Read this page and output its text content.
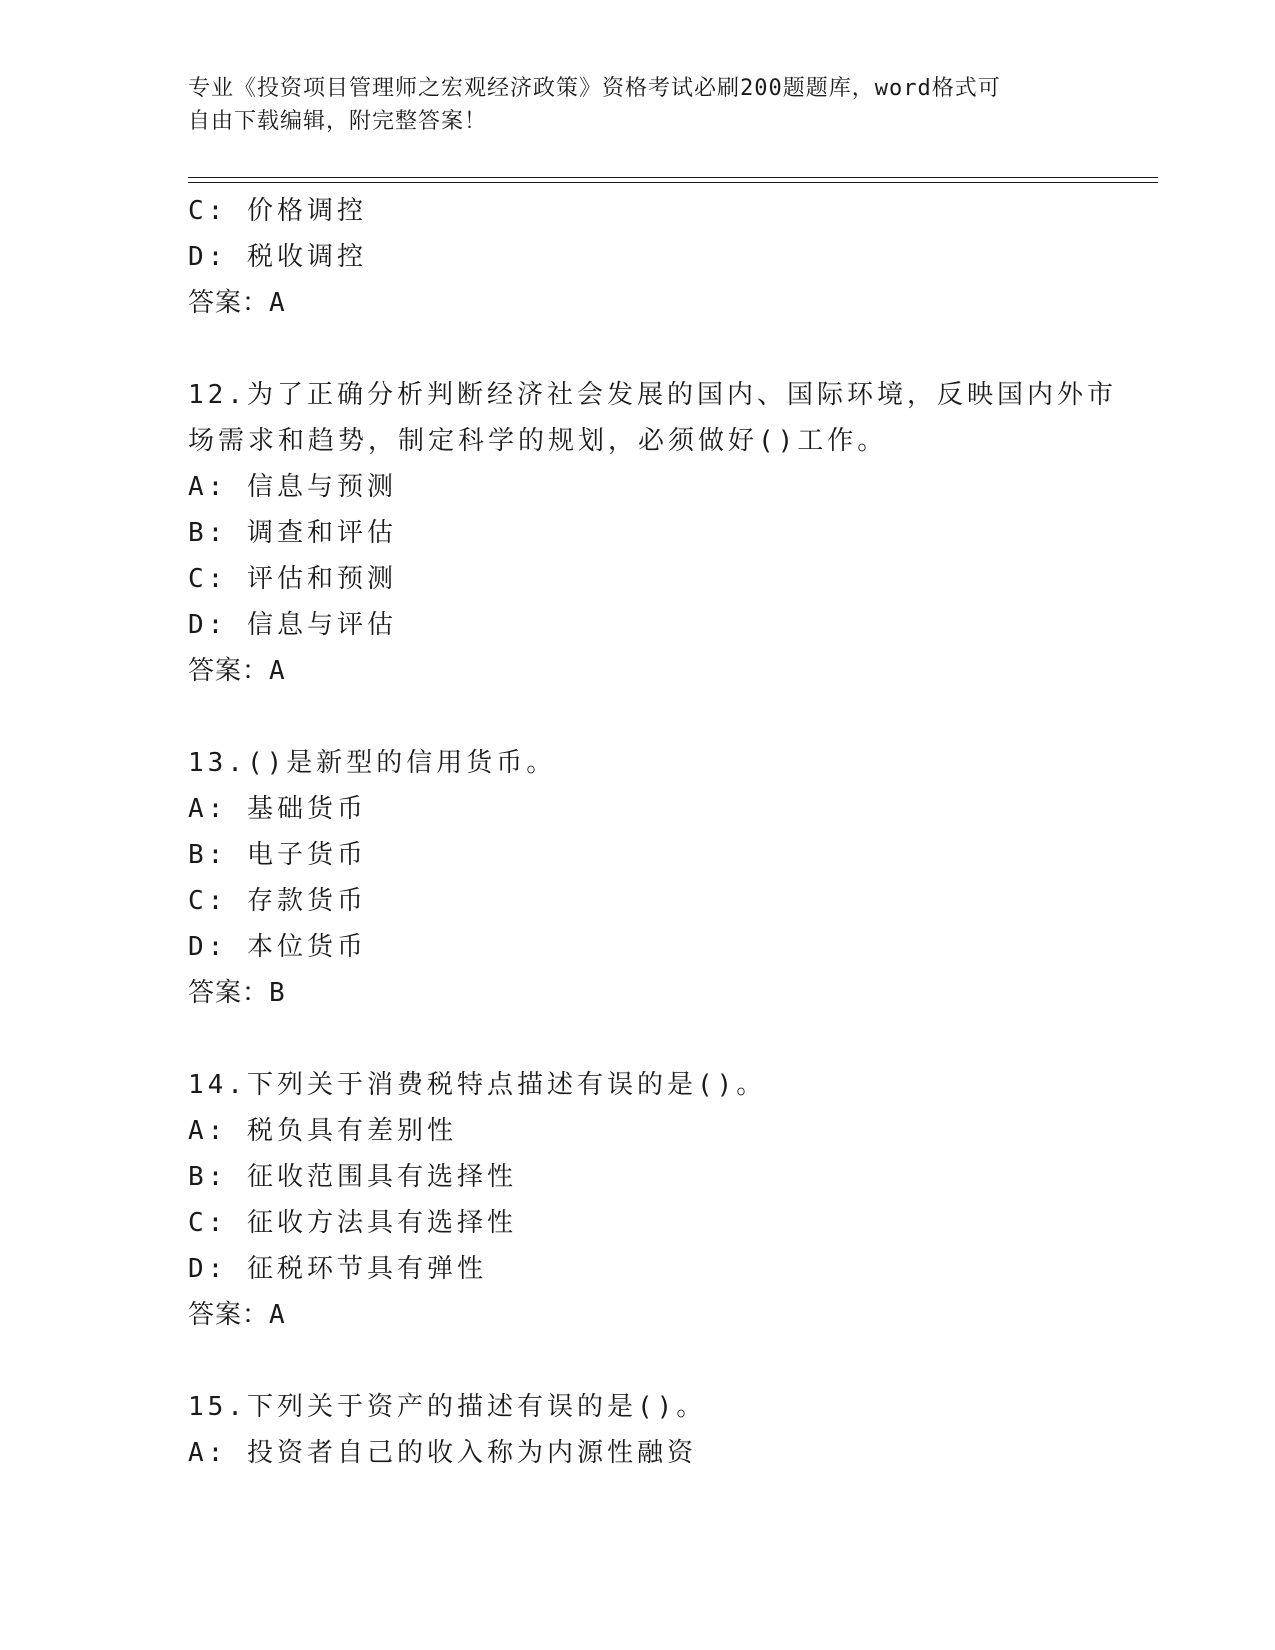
专业《投资项目管理师之宏观经济政策》资格考试必刷200题题库，word格式可
自由下载编辑，附完整答案！
C: 价格调控
D: 税收调控
答案：A
12.为了正确分析判断经济社会发展的国内、国际环境，反映国内外市
场需求和趋势，制定科学的规划，必须做好()工作。
A: 信息与预测
B: 调查和评估
C: 评估和预测
D: 信息与评估
答案：A
13.()是新型的信用货币。
A: 基础货币
B: 电子货币
C: 存款货币
D: 本位货币
答案：B
14.下列关于消费税特点描述有误的是()。
A: 税负具有差别性
B: 征收范围具有选择性
C: 征收方法具有选择性
D: 征税环节具有弹性
答案：A
15.下列关于资产的描述有误的是()。
A: 投资者自己的收入称为内源性融资
